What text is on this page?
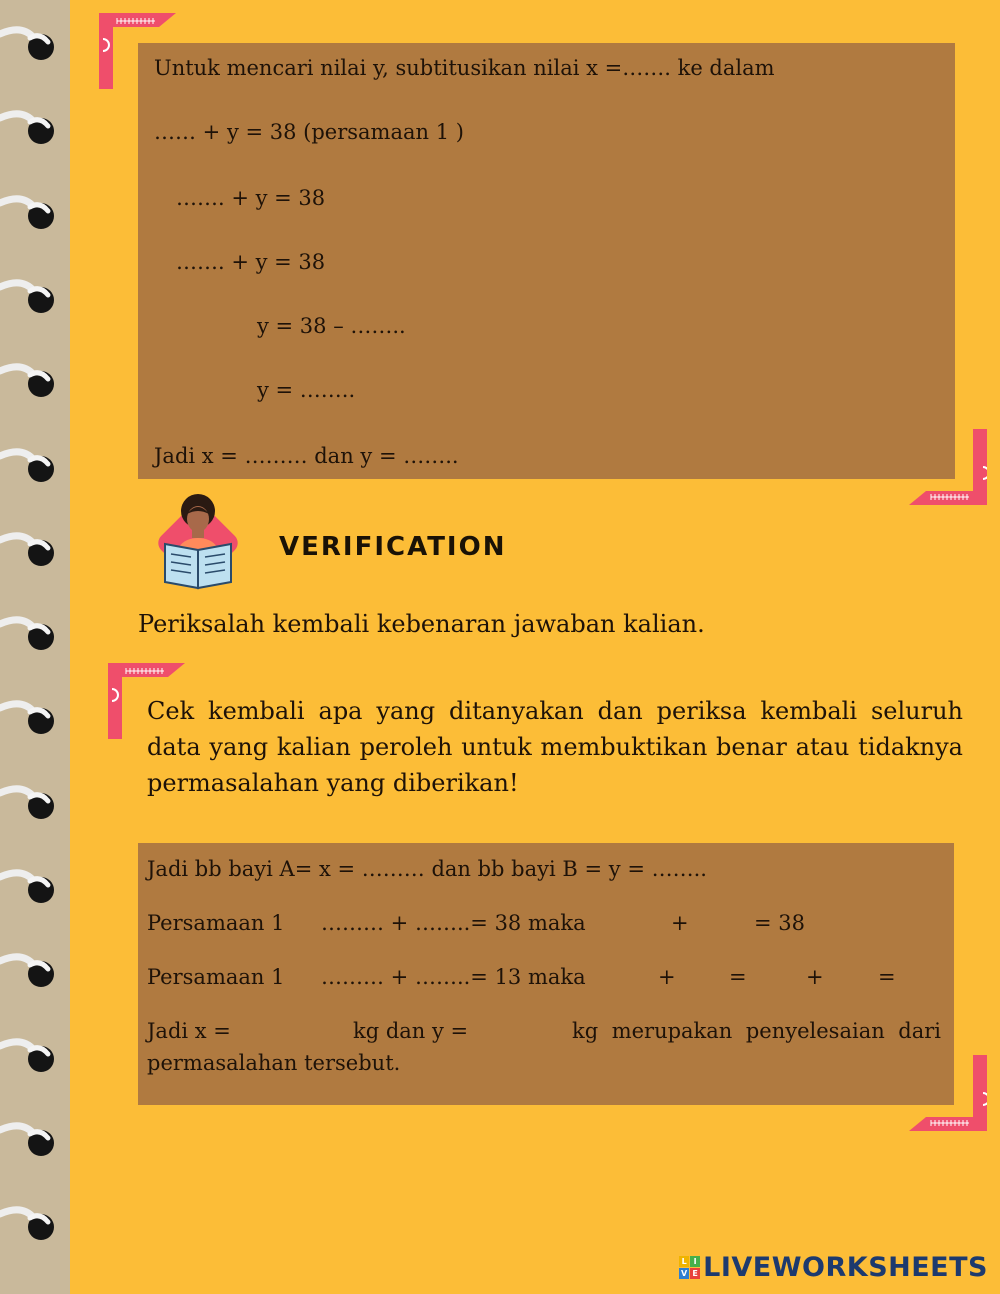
Untuk mencari nilai y, subtitusikan nilai x =……. ke dalam
…… + y = 38 (persamaan 1 )
……. + y = 38
……. + y = 38
y = 38 – ……..
y = ……..
Jadi x = ……… dan y = ……..
VERIFICATION
Periksalah kembali kebenaran jawaban kalian.
Cek kembali apa yang ditanyakan dan periksa kembali seluruh data yang kalian peroleh untuk membuktikan benar atau tidaknya permasalahan yang diberikan!
Jadi bb bayi A= x = ……… dan bb bayi B = y = ……..
Persamaan 1 ……… + ……..= 38 maka	+	= 38
Persamaan 1 ……… + ……..= 13 maka	+	=	+	=
Jadi x =	kg dan y =	kg merupakan penyelesaian dari
permasalahan tersebut.
L I
V E LIVEWORKSHEETS
